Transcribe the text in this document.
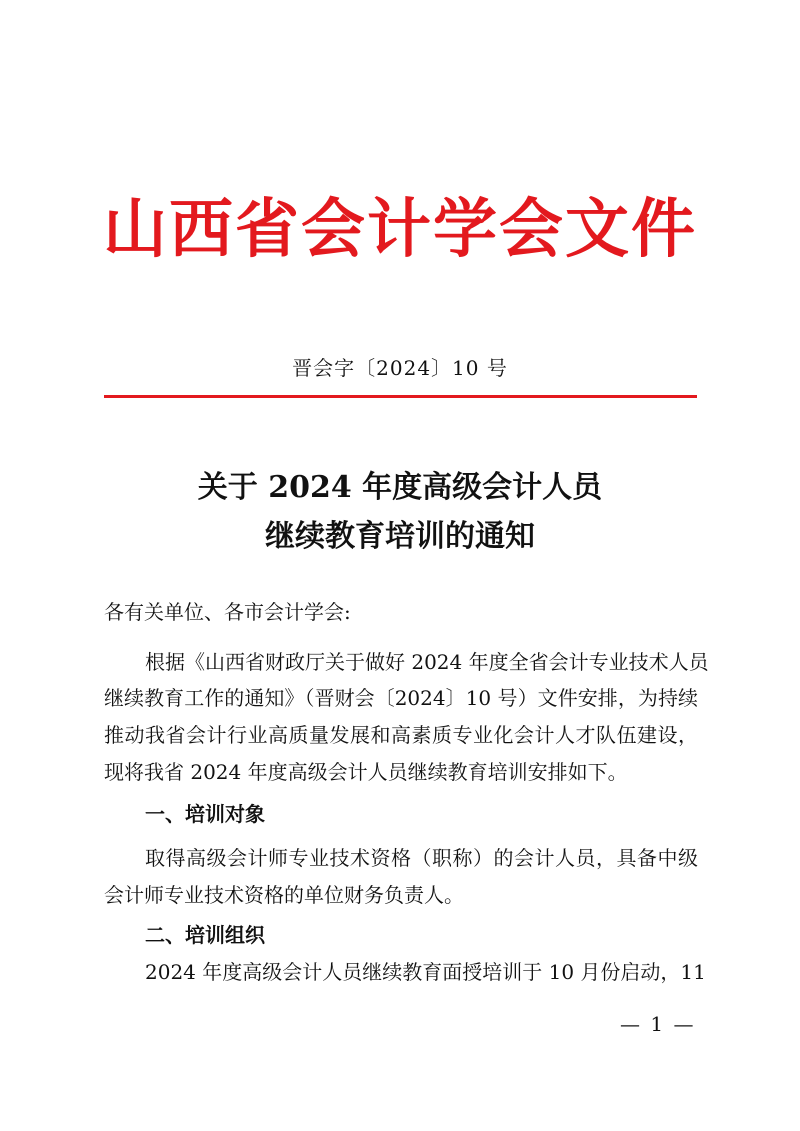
山西省会计学会文件
晋会字〔2024〕10 号
关于 2024 年度高级会计人员
继续教育培训的通知
各有关单位、各市会计学会:
根据《山西省财政厅关于做好 2024 年度全省会计专业技术人员
继续教育工作的通知》（晋财会〔2024〕10 号）文件安排，为持续
推动我省会计行业高质量发展和高素质专业化会计人才队伍建设，
现将我省 2024 年度高级会计人员继续教育培训安排如下。
一、培训对象
取得高级会计师专业技术资格（职称）的会计人员，具备中级
会计师专业技术资格的单位财务负责人。
二、培训组织
2024 年度高级会计人员继续教育面授培训于 10 月份启动，11
— 1 —
